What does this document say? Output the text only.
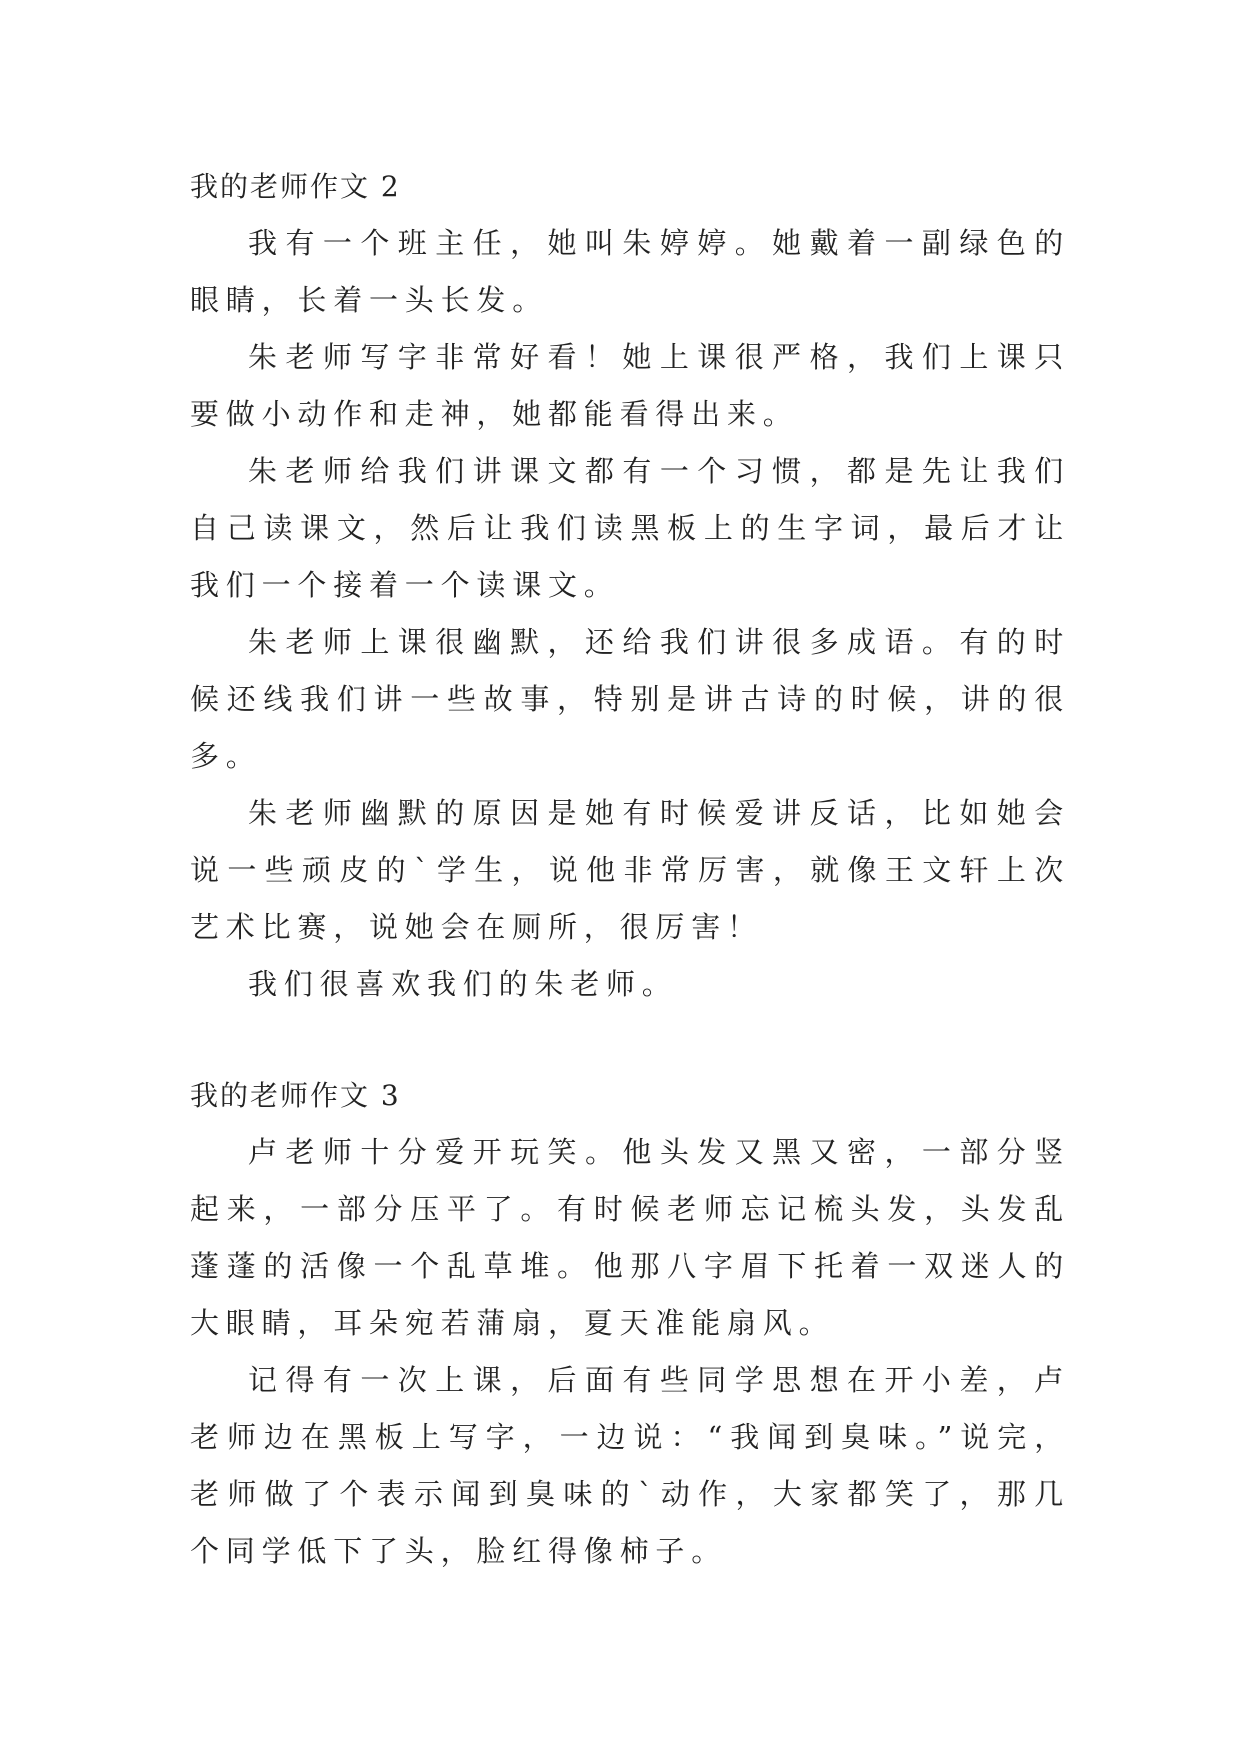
我的老师作文 2

我有一个班主任，她叫朱婷婷。她戴着一副绿色的眼睛，长着一头长发。

朱老师写字非常好看！她上课很严格，我们上课只要做小动作和走神，她都能看得出来。

朱老师给我们讲课文都有一个习惯，都是先让我们自己读课文，然后让我们读黑板上的生字词，最后才让我们一个接着一个读课文。

朱老师上课很幽默，还给我们讲很多成语。有的时候还线我们讲一些故事，特别是讲古诗的时候，讲的很多。

朱老师幽默的原因是她有时候爱讲反话，比如她会说一些顽皮的`学生，说他非常厉害，就像王文轩上次艺术比赛，说她会在厕所，很厉害！

我们很喜欢我们的朱老师。

我的老师作文 3

卢老师十分爱开玩笑。他头发又黑又密，一部分竖起来，一部分压平了。有时候老师忘记梳头发，头发乱蓬蓬的活像一个乱草堆。他那八字眉下托着一双迷人的大眼睛，耳朵宛若蒲扇，夏天准能扇风。

记得有一次上课，后面有些同学思想在开小差，卢老师边在黑板上写字，一边说：“我闻到臭味。”说完，老师做了个表示闻到臭味的`动作，大家都笑了，那几个同学低下了头，脸红得像柿子。
